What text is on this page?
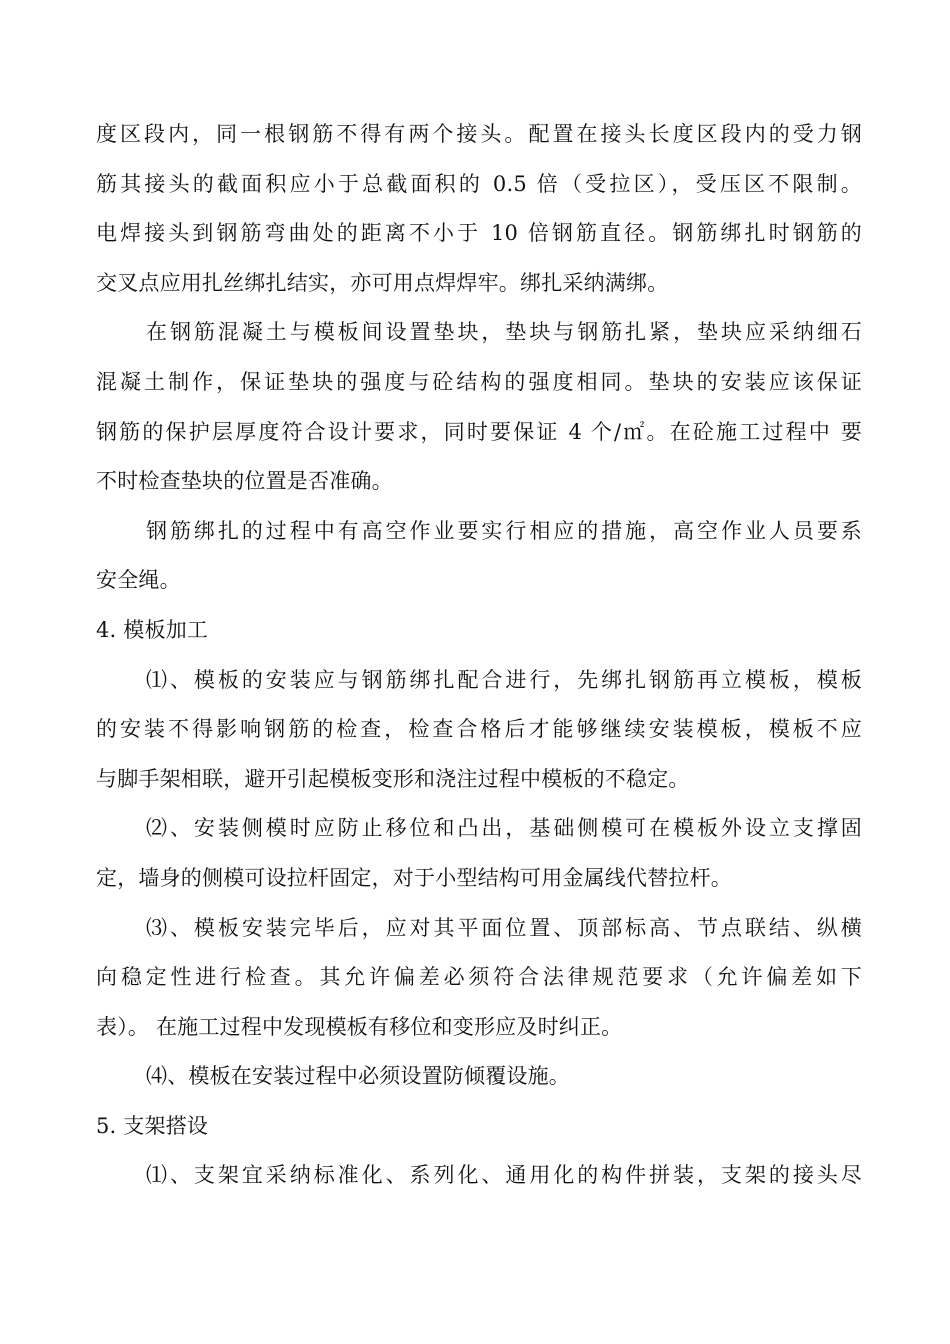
度区段内，同一根钢筋不得有两个接头。配置在接头长度区段内的受力钢
筋其接头的截面积应小于总截面积的 0.5 倍（受拉区），受压区不限制。
电焊接头到钢筋弯曲处的距离不小于 10 倍钢筋直径。钢筋绑扎时钢筋的
交叉点应用扎丝绑扎结实，亦可用点焊焊牢。绑扎采纳满绑。
在钢筋混凝土与模板间设置垫块，垫块与钢筋扎紧，垫块应采纳细石
混凝土制作，保证垫块的强度与砼结构的强度相同。垫块的安装应该保证
钢筋的保护层厚度符合设计要求，同时要保证 4 个/㎡。在砼施工过程中 要
不时检查垫块的位置是否准确。
钢筋绑扎的过程中有高空作业要实行相应的措施，高空作业人员要系
安全绳。
4. 模板加工
⑴、模板的安装应与钢筋绑扎配合进行，先绑扎钢筋再立模板，模板
的安装不得影响钢筋的检查，检查合格后才能够继续安装模板，模板不应
与脚手架相联，避开引起模板变形和浇注过程中模板的不稳定。
⑵、安装侧模时应防止移位和凸出，基础侧模可在模板外设立支撑固
定，墙身的侧模可设拉杆固定，对于小型结构可用金属线代替拉杆。
⑶、模板安装完毕后，应对其平面位置、顶部标高、节点联结、纵横
向稳定性进行检查。其允许偏差必须符合法律规范要求（允许偏差如下
表）。 在施工过程中发现模板有移位和变形应及时纠正。
⑷、模板在安装过程中必须设置防倾覆设施。
5. 支架搭设
⑴、支架宜采纳标准化、系列化、通用化的构件拼装，支架的接头尽
